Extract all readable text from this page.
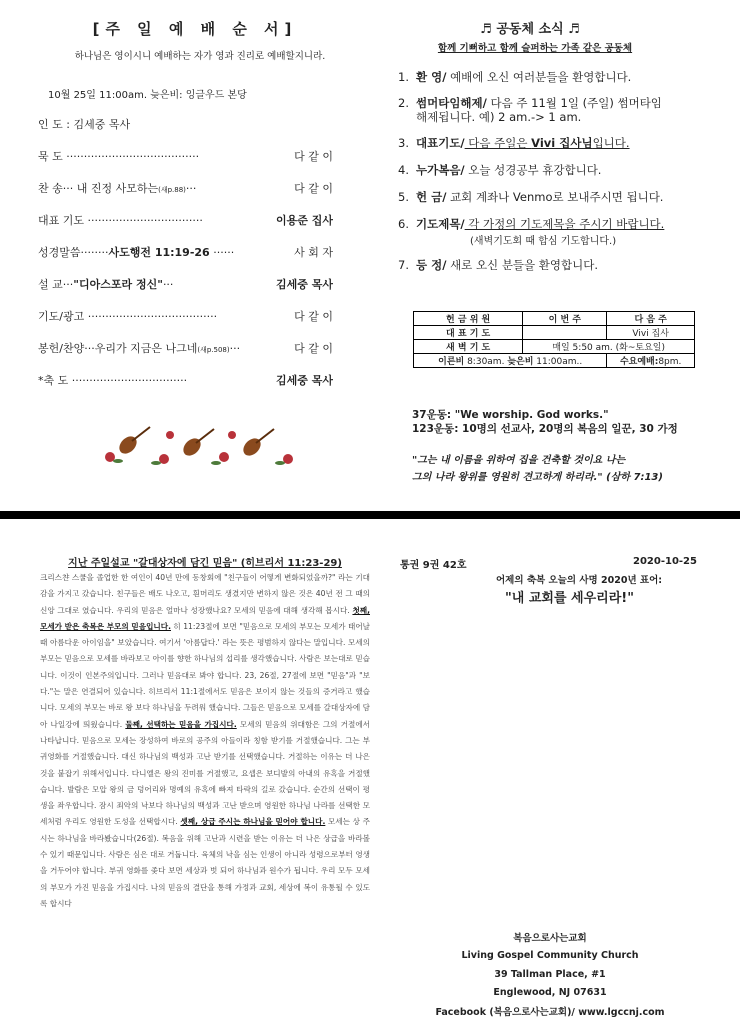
[주 일 예 배 순 서]
하나님은 영이시니 예배하는 자가 영과 진리로 예배할지니라.
10월 25일 11:00am. 늦은비: 잉글우드 본당
인 도 : 김세중 목사
묵 도 ······································	다 같 이
찬 송··· 내 진정 사모하는(새p.88)···	다 같 이
대표 기도 ·································	이용준 집사
성경말씀········사도행전 11:19-26 ······	사 회 자
설 교···"디아스포라 정신"···	김세중 목사
기도/광고 ·····································	다 같 이
봉헌/찬양···우리가 지금은 나그네(새p.508)···	다 같 이
*축 도 ·································	김세중 목사
♬ 공동체 소식 ♬
함께 기뻐하고 함께 슬퍼하는 가족 같은 공동체
1. 환 영/ 예배에 오신 여러분들을 환영합니다.
2. 썸머타임해제/ 다음 주 11월 1일 (주일) 썸머타임
해제됩니다. 예) 2 am.-> 1 am.
3. 대표기도/ 다음 주일은 Vivi 집사님입니다.
4. 누가복음/ 오늘 성경공부 휴강합니다.
5. 헌 금/ 교회 계좌나 Venmo로 보내주시면 됩니다.
6. 기도제목/ 각 가정의 기도제목을 주시기 바랍니다.
(새벽기도회 때 합심 기도합니다.)
7. 등 정/ 새로 오신 분들을 환영합니다.
헌 금 위 원	이 번 주	다 음 주
대 표 기 도		Vivi 집사
새 벽 기 도	매일 5:50 am. (화~토요일)	
이른비 8:30am. 늦은비 11:00am..		수요예배:8pm.
37운동: "We worship. God works."
123운동: 10명의 선교사, 20명의 복음의 일꾼, 30 가정
"그는 내 이름을 위하여 집을 건축할 것이요 나는
그의 나라 왕위를 영원히 견고하게 하리라." (삼하 7:13)
지난 주일설교 "갈대상자에 담긴 믿음" (히브리서 11:23-29)

크리스챤 스쿨을 졸업한 한 여인이 40년 만에 동창회에 "친구들이 어떻게 변화되었을까?" 라는 기대감을 가지고 갔습니다. 친구들은 배도 나오고, 흰머리도 생겼지만 변하지 않은 것은 40년 전 그 때의 신앙 그대로 였습니다. 우리의 믿음은 얼마나 성장했나요? 모세의 믿음에 대해 생각해 봅시다. 첫째, 모세가 받은 축복은 부모의 믿음입니다. 히 11:23절에 보면 "믿음으로 모세의 부모는 모세가 태어날 때 아름다운 아이임을" 보았습니다. 여기서 '아름답다.' 라는 뜻은 평범하지 않다는 말입니다. 모세의 부모는 믿음으로 모세를 바라보고 아이를 향한 하나님의 섭리를 생각했습니다. 사람은 보는대로 믿습니다. 이것이 인본주의입니다. 그러나 믿음대로 봐야 합니다. 23, 26절, 27절에 보면 "믿음"과 "보다."는 말은 연결되어 있습니다. 히브리서 11:1절에서도 믿음은 보이지 않는 것들의 증거라고 했습니다. 모세의 부모는 바로 왕 보다 하나님을 두려워 했습니다. 그들은 믿음으로 모세를 갈대상자에 담아 나일강에 띄웠습니다. 둘째, 선택하는 믿음을 가집시다. 모세의 믿음의 위대함은 그의 거절에서 나타납니다. 믿음으로 모세는 장성하여 바로의 공주의 아들이라 칭함 받기를 거절했습니다. 그는 부귀영화를 거절했습니다. 대신 하나님의 백성과 고난 받기를 선택했습니다. 거절하는 이유는 더 나은 것을 붙잡기 위해서입니다. 다니엘은 왕의 진미를 거절했고, 요셉은 보디발의 아내의 유혹을 거절했습니다. 발람은 모압 왕의 금 덩어리와 명예의 유혹에 빠져 타락의 길로 갔습니다. 순간의 선택이 평생을 좌우합니다. 잠시 죄악의 낙보다 하나님의 백성과 고난 받으며 영원한 하나님 나라를 선택한 모세처럼 우리도 영원한 도성을 선택합시다. 셋째, 상급 주시는 하나님을 믿어야 합니다. 모세는 상 주시는 하나님을 바라봤습니다(26절). 복음을 위해 고난과 시련을 받는 이유는 더 나은 상급을 바라볼 수 있기 때문입니다. 사람은 심은 대로 거둡니다. 육체의 낙을 심는 인생이 아니라 성령으로부터 영생을 거두어야 합니다. 부귀 영화를 좇다 보면 세상과 벗 되어 하나님과 원수가 됩니다. 우리 모두 모세의 부모가 가진 믿음을 가집시다. 나의 믿음의 결단을 통해 가정과 교회, 세상에 복이 유통될 수 있도록 합시다

통권 9권 42호	2020-10-25
어제의 축복 오늘의 사명 2020년 표어:
"내 교회를 세우리라!"
복음으로사는교회
Living Gospel Community Church
39 Tallman Place, #1
Englewood, NJ 07631
Facebook (복음으로사는교회)/ www.lgccnj.com
